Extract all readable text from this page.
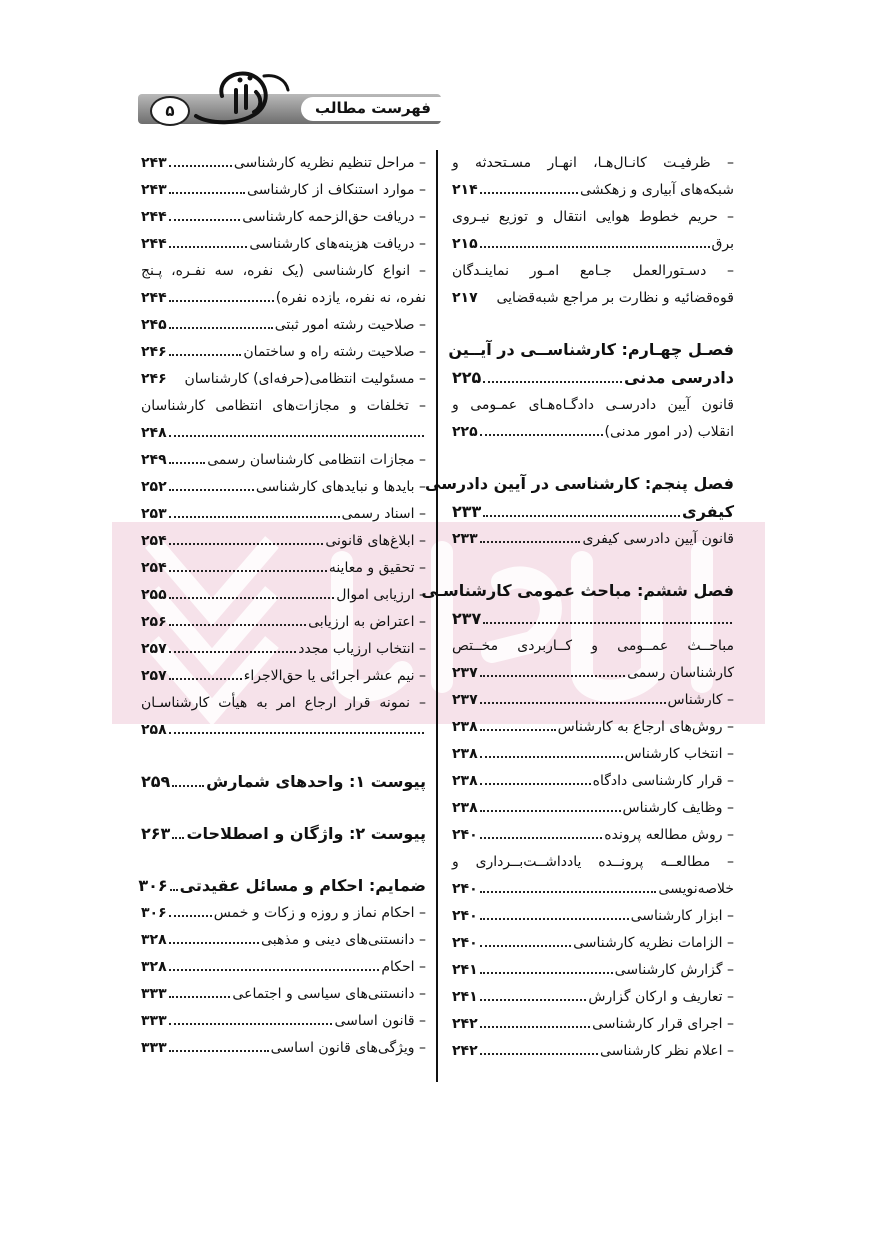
فهرست مطالب
۵
– ظرفیـت کانـال‌هـا، انهـار مسـتحدثه و
شبکه‌های آبیاری و زهکشی
۲۱۴
– حریم خطوط هوایی انتقال و توزیع نیـروی
برق
۲۱۵
– دسـتورالعمل جـامع امـور نماینـدگان
قوه‌قضائیه و نظارت بر مراجع شبه‌قضایی
۲۱۷
فصـل چهـارم: کارشناســی در آیــین
دادرسی مدنی
۲۲۵
قانون آیین دادرسـی دادگـاه‌هـای عمـومی و
انقلاب (در امور مدنی)
۲۲۵
فصل پنجم: کارشناسی در آیین دادرسی
کیفری
۲۳۳
قانون آیین دادرسی کیفری
۲۳۳
فصل ششم: مباحث عمومی کارشناسـی
۲۳۷
مباحــث عمــومی و کــاربردی مخــتص
کارشناسان رسمی
۲۳۷
– کارشناس
۲۳۷
– روش‌های ارجاع به کارشناس
۲۳۸
– انتخاب کارشناس
۲۳۸
– قرار کارشناسی دادگاه
۲۳۸
– وظایف کارشناس
۲۳۸
– روش مطالعه پرونده
۲۴۰
– مطالعــه پرونــده یادداشــت‌بــرداری و
خلاصه‌نویسی
۲۴۰
– ابزار کارشناسی
۲۴۰
– الزامات نظریه کارشناسی
۲۴۰
– گزارش کارشناسی
۲۴۱
– تعاریف و ارکان گزارش
۲۴۱
– اجرای قرار کارشناسی
۲۴۲
– اعلام نظر کارشناسی
۲۴۲
– مراحل تنظیم نظریه کارشناسی
۲۴۳
– موارد استنکاف از کارشناسی
۲۴۳
– دریافت حق‌الزحمه کارشناسی
۲۴۴
– دریافت هزینه‌های کارشناسی
۲۴۴
– انواع کارشناسی (یک نفره، سه نفـره، پـنج
نفره، نه نفره، یازده نفره)
۲۴۴
– صلاحیت رشته امور ثبتی
۲۴۵
– صلاحیت رشته راه و ساختمان
۲۴۶
– مسئولیت انتظامی(حرفه‌ای) کارشناسان
۲۴۶
– تخلفات و مجازات‌های انتظامی کارشناسان
۲۴۸
– مجازات انتظامی کارشناسان رسمی
۲۴۹
– بایدها و نبایدهای کارشناسی
۲۵۲
– اسناد رسمی
۲۵۳
– ابلاغ‌های قانونی
۲۵۴
– تحقیق و معاینه
۲۵۴
– ارزیابی اموال
۲۵۵
– اعتراض به ارزیابی
۲۵۶
– انتخاب ارزیاب مجدد
۲۵۷
– نیم عشر اجرائی یا حق‌الاجراء
۲۵۷
– نمونه قرار ارجاع امر به هیأت کارشناسـان
۲۵۸
پیوست ۱: واحدهای شمارش
۲۵۹
پیوست ۲: واژگان و اصطلاحات
۲۶۳
ضمایم: احکام و مسائل عقیدتی
۳۰۶
– احکام نماز و روزه و زکات و خمس
۳۰۶
– دانستنی‌های دینی و مذهبی
۳۲۸
– احکام
۳۲۸
– دانستنی‌های سیاسی و اجتماعی
۳۳۳
– قانون اساسی
۳۳۳
– ویژگی‌های قانون اساسی
۳۳۳
